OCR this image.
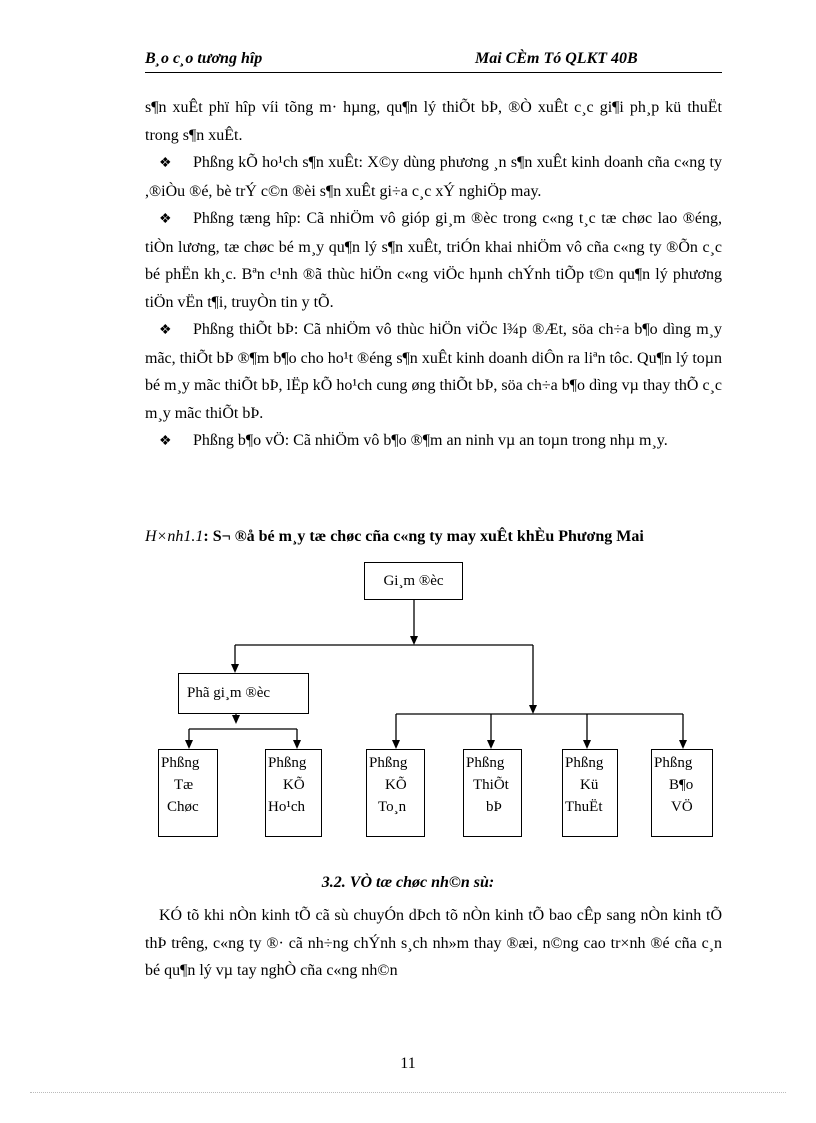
B¸o c¸o tương hîp	Mai CÈm Tó QLKT 40B

s¶n xuÊt phï hîp víi tõng m· hµng, qu¶n lý thiÕt bÞ, ®Ò xuÊt c¸c gi¶i ph¸p kü thuËt trong s¶n xuÊt.

❖ Phßng kÕ ho¹ch s¶n xuÊt: X©y dùng phương ¸n s¶n xuÊt kinh doanh cña c«ng ty ,®iÒu ®é, bè trÝ c©n ®èi s¶n xuÊt gi÷a c¸c xÝ nghiÖp may.

❖ Phßng tæng hîp: Cã nhiÖm vô gióp gi¸m ®èc trong c«ng t¸c tæ chøc lao ®éng, tiÒn lương, tæ chøc bé m¸y qu¶n lý s¶n xuÊt, triÓn khai nhiÖm vô cña c«ng ty ®Õn c¸c bé phËn kh¸c. Bªn c¹nh ®ã thùc hiÖn c«ng viÖc hµnh chÝnh tiÕp t©n qu¶n lý phương tiÖn vËn t¶i, truyÒn tin y tÕ.

❖ Phßng thiÕt bÞ: Cã nhiÖm vô thùc hiÖn viÖc l¾p ®Æt, söa ch÷a b¶o dìng m¸y mãc, thiÕt bÞ ®¶m b¶o cho ho¹t ®éng s¶n xuÊt kinh doanh diÔn ra liªn tôc. Qu¶n lý toµn bé m¸y mãc thiÕt bÞ, lËp kÕ ho¹ch cung øng thiÕt bÞ, söa ch÷a b¶o dìng vµ thay thÕ c¸c m¸y mãc thiÕt bÞ.

❖ Phßng b¶o vÖ: Cã nhiÖm vô b¶o ®¶m an ninh vµ an toµn trong nhµ m¸y.

H×nh1.1: S¬ ®å bé m¸y tæ chøc cña c«ng ty may xuÊt khÈu Phương Mai
Gi¸m ®èc
Phã gi¸m ®èc
Phßng
Tæ
Chøc
Phßng
KÕ
Ho¹ch
Phßng
KÕ
To¸n
Phßng
ThiÕt
bÞ
Phßng
Kü
ThuËt
Phßng
B¶o
VÖ
3.2. VÒ tæ chøc nh©n sù:

KÓ tõ khi nÒn kinh tÕ cã sù chuyÓn dÞch tõ nÒn kinh tÕ bao cÊp sang nÒn kinh tÕ thÞ trêng, c«ng ty ®· cã nh÷ng chÝnh s¸ch nh»m thay ®æi, n©ng cao tr×nh ®é cña c¸n bé qu¶n lý vµ tay nghÒ cña c«ng nh©n

11
